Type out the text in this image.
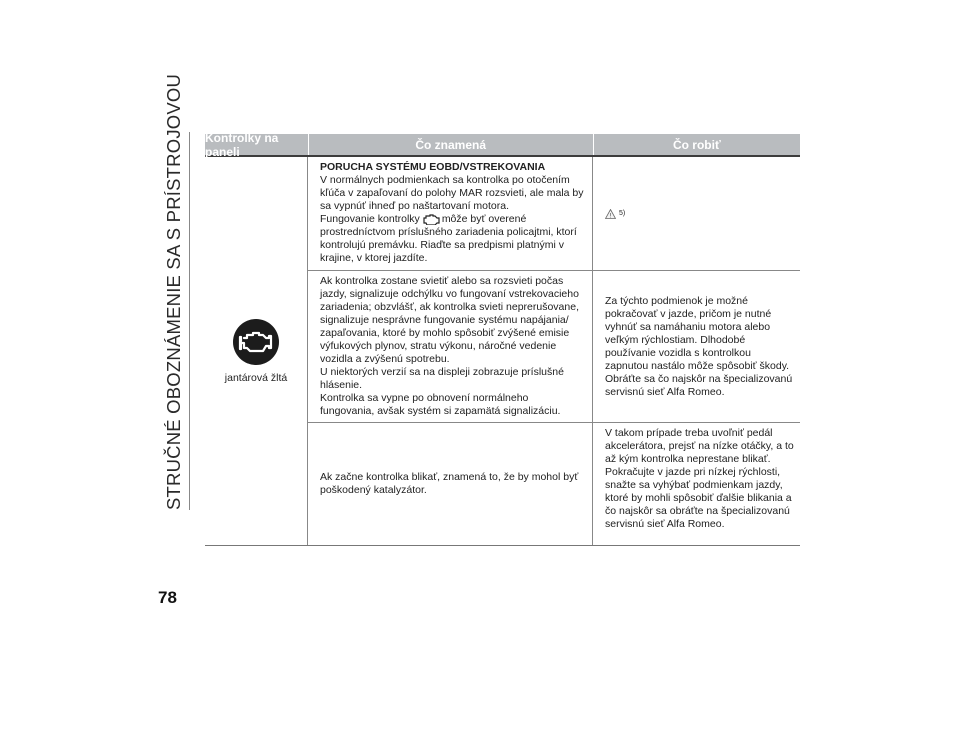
STRUČNÉ OBOZNÁMENIE SA S PRÍSTROJOVOU Kontrolky na paneli	Čo znamená	Čo robiť
jantárová žltá
PORUCHA SYSTÉMU EOBD/VSTREKOVANIA
V normálnych podmienkach sa kontrolka po otočením kľúča v zapaľovaní do polohy MAR rozsvieti, ale mala by sa vypnúť ihneď po naštartovaní motora.
Fungovanie kontrolky môže byť overené prostredníctvom príslušného zariadenia policajtmi, ktorí kontrolujú premávku. Riaďte sa predpismi platnými v krajine, v ktorej jazdíte.
! 5)
Ak kontrolka zostane svietiť alebo sa rozsvieti počas jazdy, signalizuje odchýlku vo fungovaní vstrekovacieho zariadenia; obzvlášť, ak kontrolka svieti neprerušovane, signalizuje nesprávne fungovanie systému napájania/ zapaľovania, ktoré by mohlo spôsobiť zvýšené emisie výfukových plynov, stratu výkonu, náročné vedenie vozidla a zvýšenú spotrebu.
U niektorých verzií sa na displeji zobrazuje príslušné hlásenie.
Kontrolka sa vypne po obnovení normálneho fungovania, avšak systém si zapamätá signalizáciu.
Za týchto podmienok je možné pokračovať v jazde, pričom je nutné vyhnúť sa namáhaniu motora alebo veľkým rýchlostiam. Dlhodobé používanie vozidla s kontrolkou zapnutou nastálo môže spôsobiť škody.
Obráťte sa čo najskôr na špecializovanú servisnú sieť Alfa Romeo.
Ak začne kontrolka blikať, znamená to, že by mohol byť poškodený katalyzátor.
V takom prípade treba uvoľniť pedál akcelerátora, prejsť na nízke otáčky, a to až kým kontrolka neprestane blikať.
Pokračujte v jazde pri nízkej rýchlosti, snažte sa vyhýbať podmienkam jazdy, ktoré by mohli spôsobiť ďalšie blikania a čo najskôr sa obráťte na špecializovanú servisnú sieť Alfa Romeo.
78
